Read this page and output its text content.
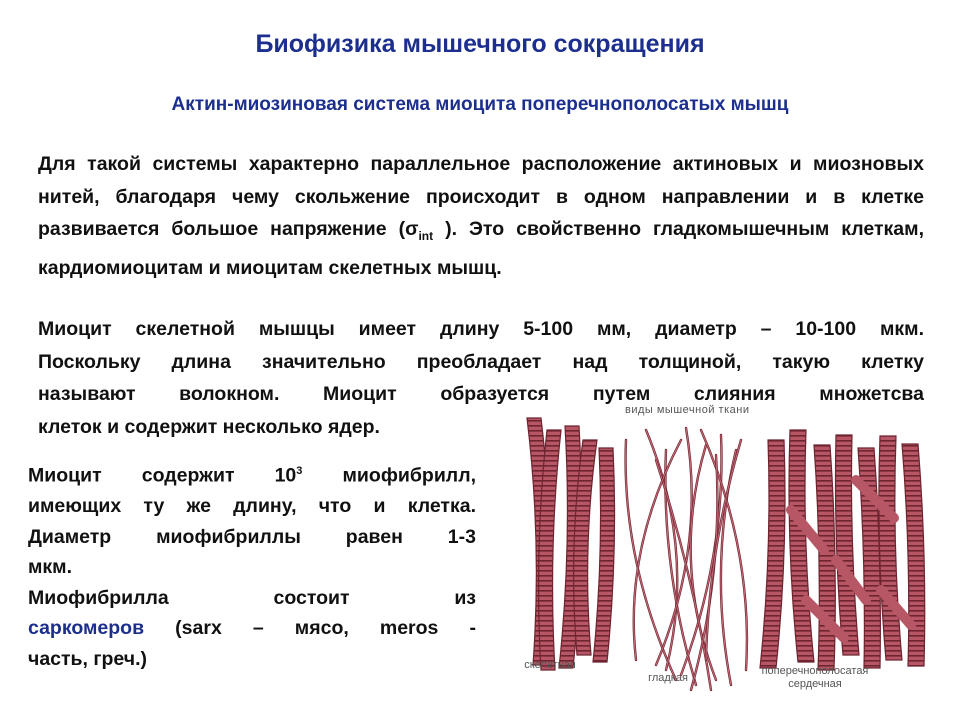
Биофизика мышечного сокращения
Актин-миозиновая система миоцита поперечнополосатых мышц
Для такой системы характерно параллельное расположение актиновых и миозновых нитей, благодаря чему скольжение происходит в одном направлении и в клетке развивается большое напряжение ($\sigma_{int}$ ). Это свойственно гладкомышечным клеткам, кардиомиоцитам и миоцитам скелетных мышц.
Миоцит скелетной мышцы имеет длину 5-100 мм, диаметр – 10-100 мкм.
Поскольку длина значительно преобладает над толщиной, такую клетку
называют волокном. Миоцит образуется путем слияния множетсва
клеток и содержит несколько ядер.
Миоцит содержит $10^3$ миофибрилл,
имеющих ту же длину, что и клетка.
Диаметр миофибриллы равен 1-3
мкм.
Миофибрилла состоит из
саркомеров (sarx – мясо, meros -
часть, греч.)
виды мышечной ткани
скелетная
гладкая
поперечнополосатая
сердечная
